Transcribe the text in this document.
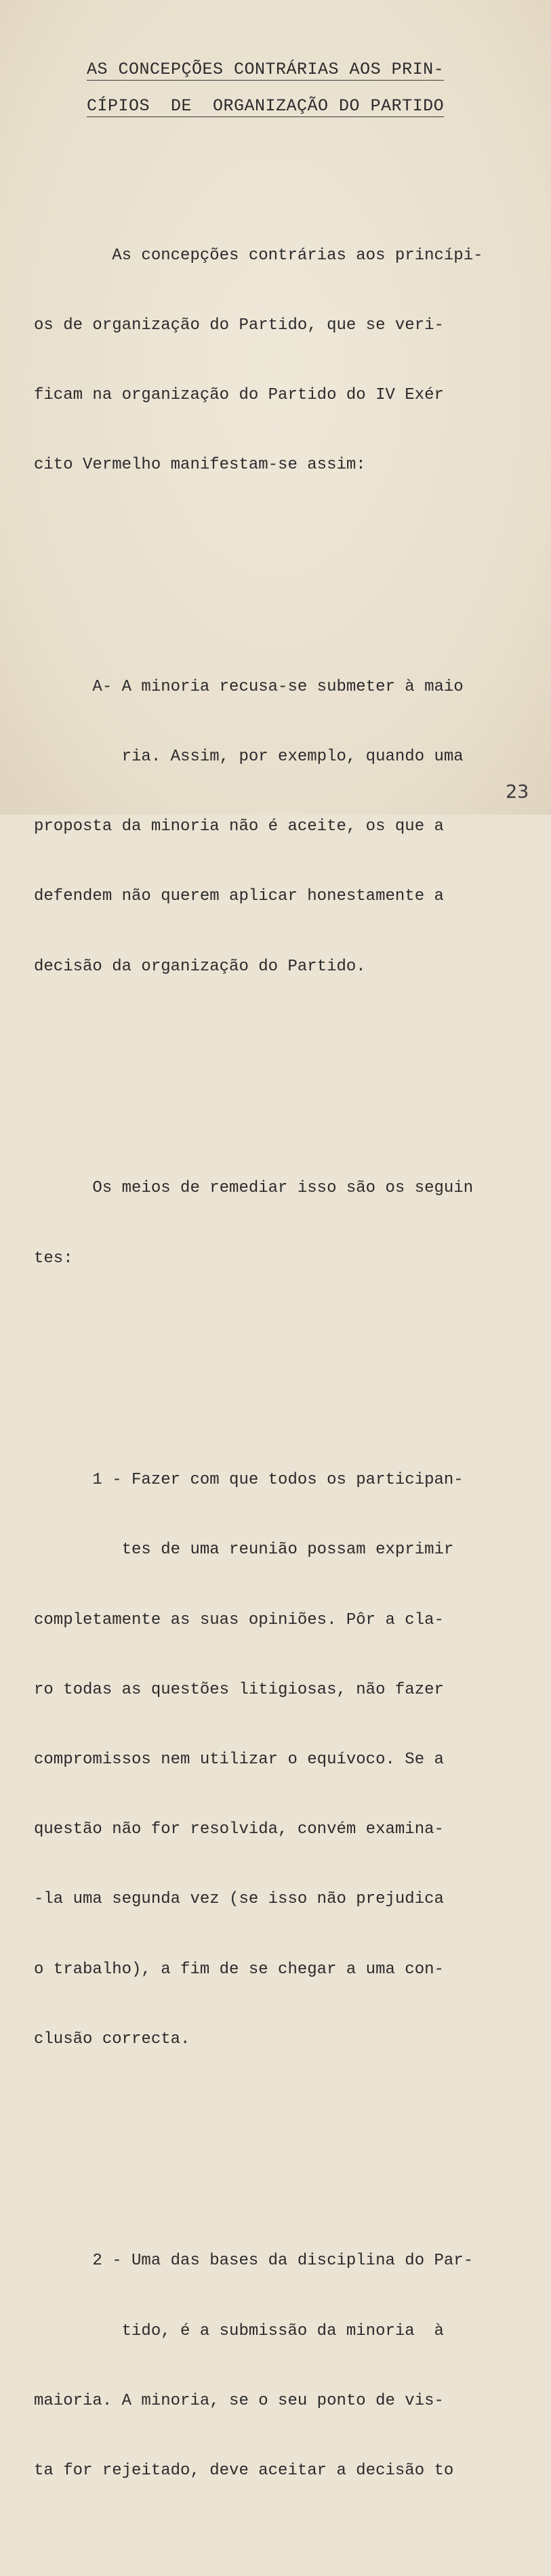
AS CONCEPÇÕES CONTRÁRIAS AOS PRIN-
CÍPIOS  DE  ORGANIZAÇÃO DO PARTIDO

As concepções contrárias aos princípi-

os de organização do Partido, que se veri-

ficam na organização do Partido do IV Exér

cito Vermelho manifestam-se assim:

A- A minoria recusa-se submeter à maio

ria. Assim, por exemplo, quando uma

proposta da minoria não é aceite, os que a

defendem não querem aplicar honestamente a

decisão da organização do Partido.

Os meios de remediar isso são os seguin

tes:

1 - Fazer com que todos os participan-

tes de uma reunião possam exprimir

completamente as suas opiniões. Pôr a cla-

ro todas as questões litigiosas, não fazer

compromissos nem utilizar o equívoco. Se a

questão não for resolvida, convém examina-

-la uma segunda vez (se isso não prejudica

o trabalho), a fim de se chegar a uma con-

clusão correcta.

2 - Uma das bases da disciplina do Par-

tido, é a submissão da minoria  à

maioria. A minoria, se o seu ponto de vis-

ta for rejeitado, deve aceitar a decisão to

23
